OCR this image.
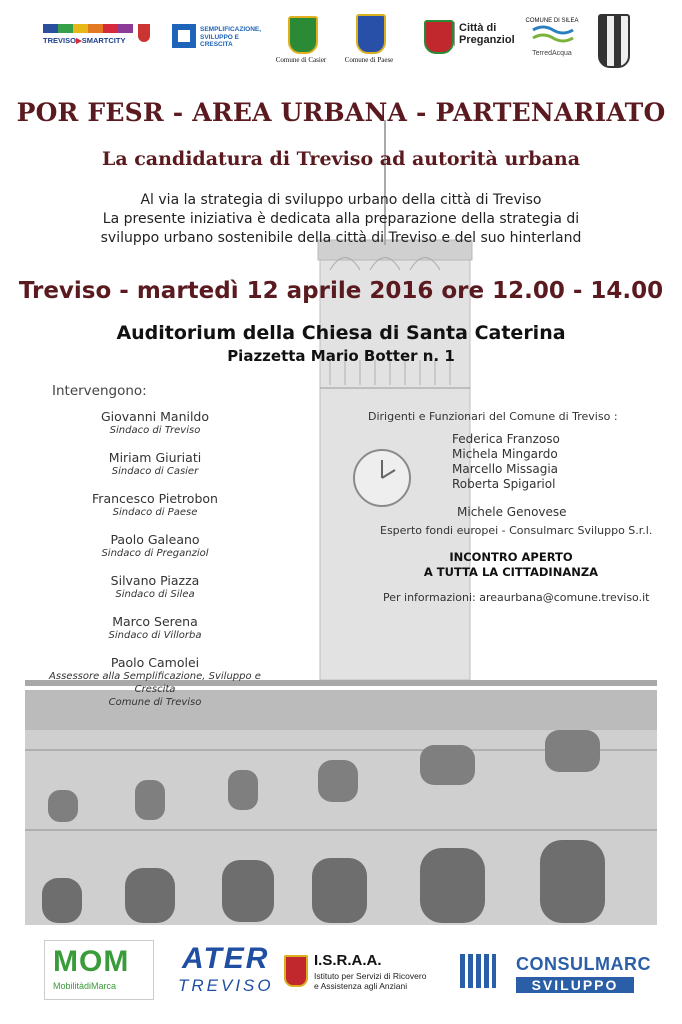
TREVISO▶SMARTCITY
SEMPLIFICAZIONE,
SVILUPPO E
CRESCITA
Comune di Casier	Comune di Paese
Città di
Preganziol
COMUNE DI SILEA
TerredAcqua
POR FESR - AREA URBANA - PARTENARIATO
La candidatura di Treviso ad autorità urbana
Al via la strategia di sviluppo urbano della città di Treviso
La presente iniziativa è dedicata alla preparazione della strategia di
sviluppo urbano sostenibile della città di Treviso e del suo hinterland
Treviso - martedì 12 aprile 2016 ore 12.00 - 14.00
Auditorium della Chiesa di Santa Caterina
Piazzetta Mario Botter n. 1
Intervengono:
Giovanni Manildo
Sindaco di Treviso
Miriam Giuriati
Sindaco di Casier
Francesco Pietrobon
Sindaco di Paese
Paolo Galeano
Sindaco di Preganziol
Silvano Piazza
Sindaco di Silea
Marco Serena
Sindaco di Villorba
Paolo Camolei
Assessore alla Semplificazione, Sviluppo e Crescita
Comune di Treviso
Dirigenti e Funzionari del Comune di Treviso :
Federica Franzoso
Michela Mingardo
Marcello Missagia
Roberta Spigariol
Michele Genovese
Esperto fondi europei - Consulmarc Sviluppo S.r.l.
INCONTRO APERTO
A TUTTA LA CITTADINANZA
Per informazioni: areaurbana@comune.treviso.it
MOM
MobilitàdiMarca
ATER
TREVISO
I.S.R.A.A.
Istituto per Servizi di Ricovero
e Assistenza agli Anziani
CONSULMARC
SVILUPPO
